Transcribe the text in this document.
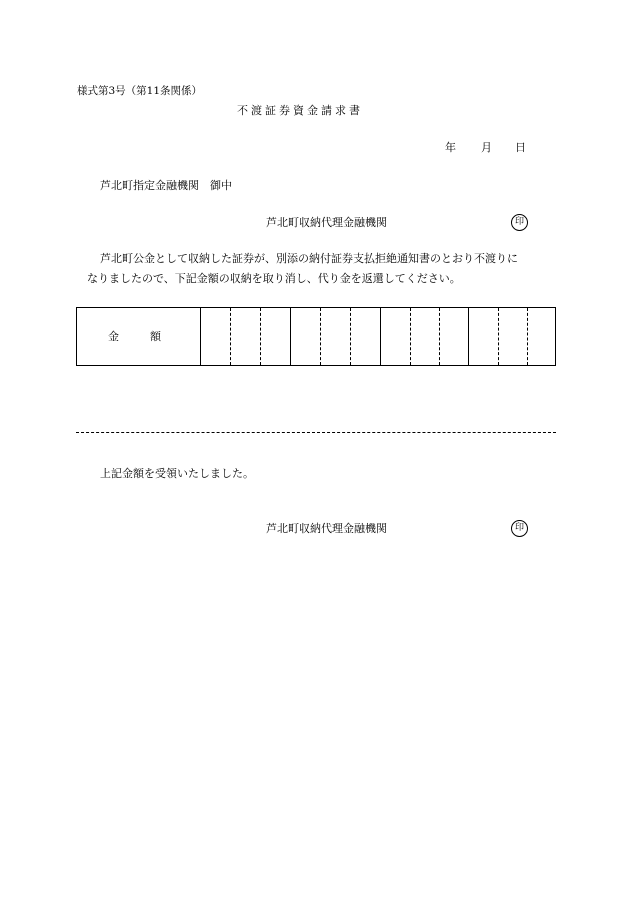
様式第3号（第11条関係）
不渡証券資金請求書
年 月 日
芦北町指定金融機関　御中
芦北町収納代理金融機関	印
芦北町公金として収納した証券が、別添の納付証券支払拒絶通知書のとおり不渡りに
なりましたので、下記金額の収納を取り消し、代り金を返還してください。
金額
上記金額を受領いたしました。
芦北町収納代理金融機関	印
